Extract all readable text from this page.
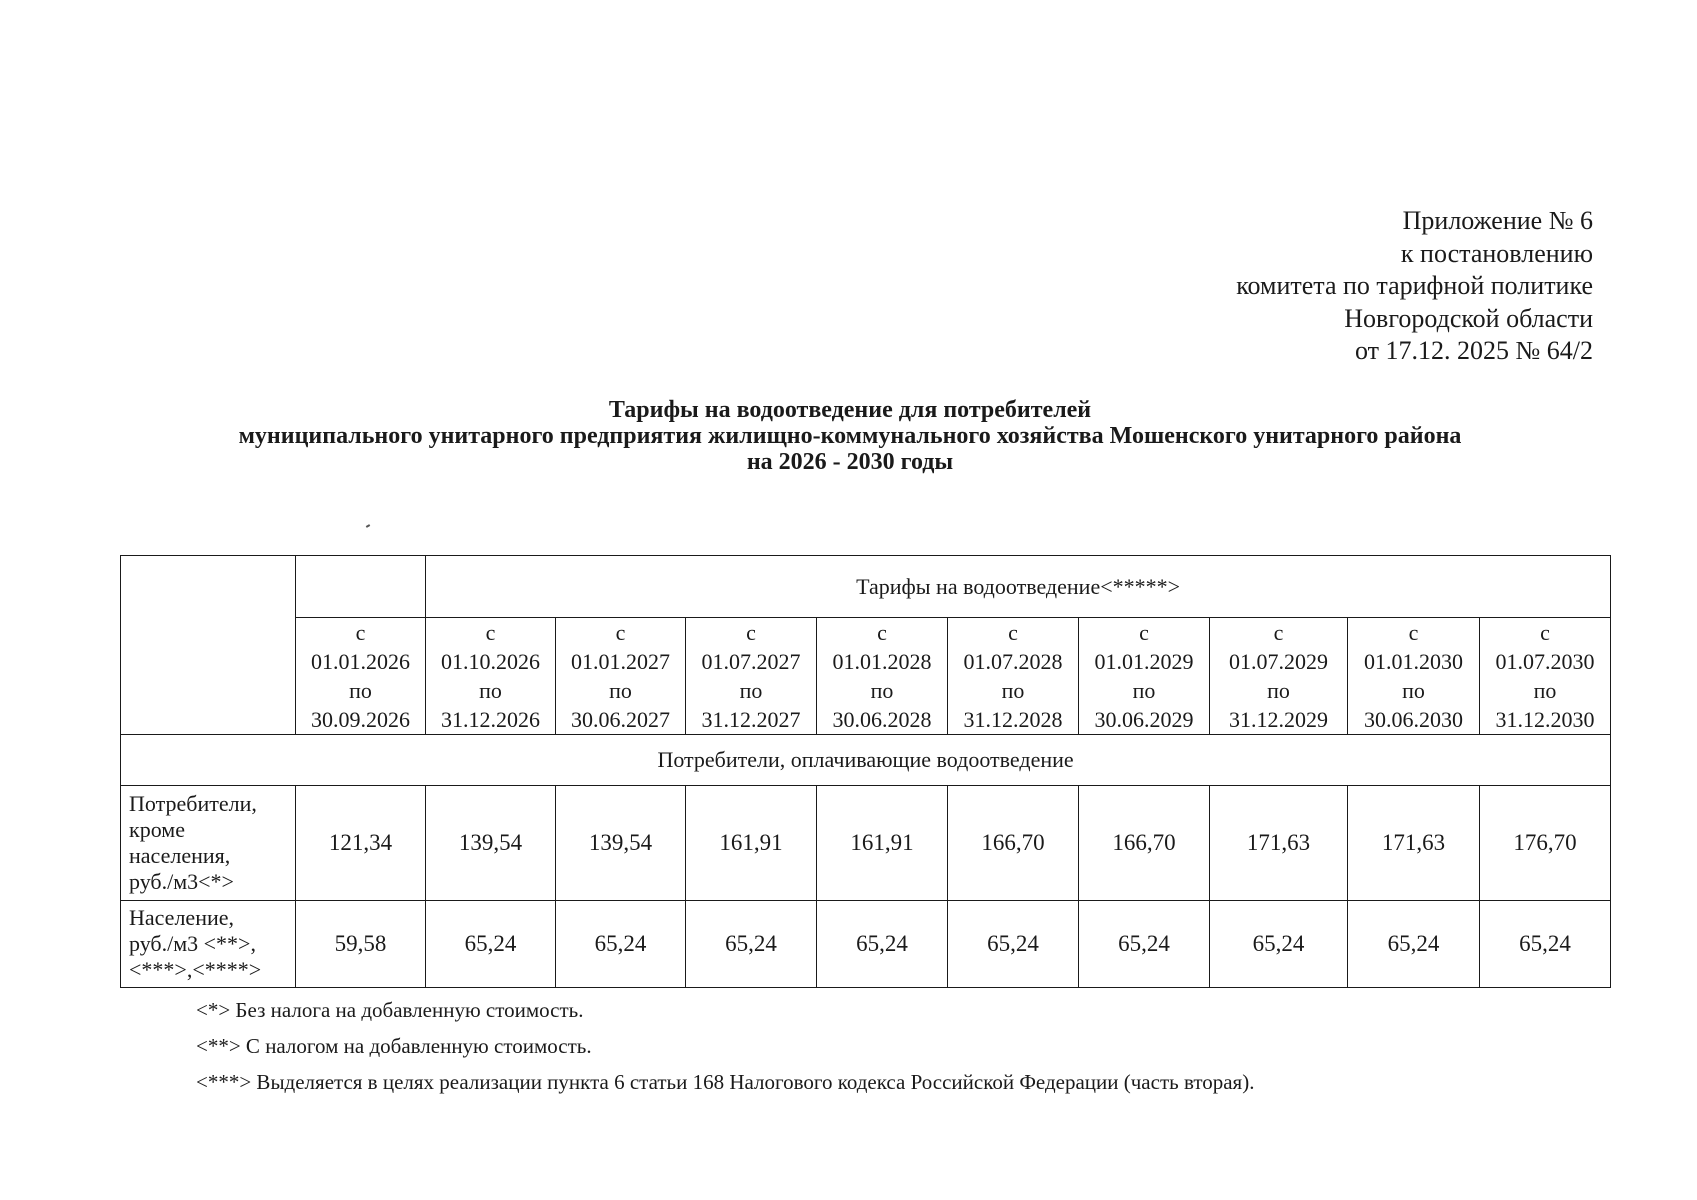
Приложение № 6
к постановлению
комитета по тарифной политике
Новгородской области
от 17.12. 2025 № 64/2
Тарифы на водоотведение для потребителей
муниципального унитарного предприятия жилищно-коммунального хозяйства Мошенского унитарного района
на 2026 - 2030 годы
		Тарифы на водоотведение<*****>								
	с
01.01.2026
по
30.09.2026	с
01.10.2026
по
31.12.2026	с
01.01.2027
по
30.06.2027	с
01.07.2027
по
31.12.2027	с
01.01.2028
по
30.06.2028	с
01.07.2028
по
31.12.2028	с
01.01.2029
по
30.06.2029	с
01.07.2029
по
31.12.2029	с
01.01.2030
по
30.06.2030	с
01.07.2030
по
31.12.2030
Потребители, оплачивающие водоотведение										
Потребители,
кроме
населения,
руб./м3<*>	121,34	139,54	139,54	161,91	161,91	166,70	166,70	171,63	171,63	176,70
Население,
руб./м3 <**>,
<***>,<****>	59,58	65,24	65,24	65,24	65,24	65,24	65,24	65,24	65,24	65,24
<*> Без налога на добавленную стоимость.
<**> С налогом на добавленную стоимость.
<***> Выделяется в целях реализации пункта 6 статьи 168 Налогового кодекса Российской Федерации (часть вторая).
